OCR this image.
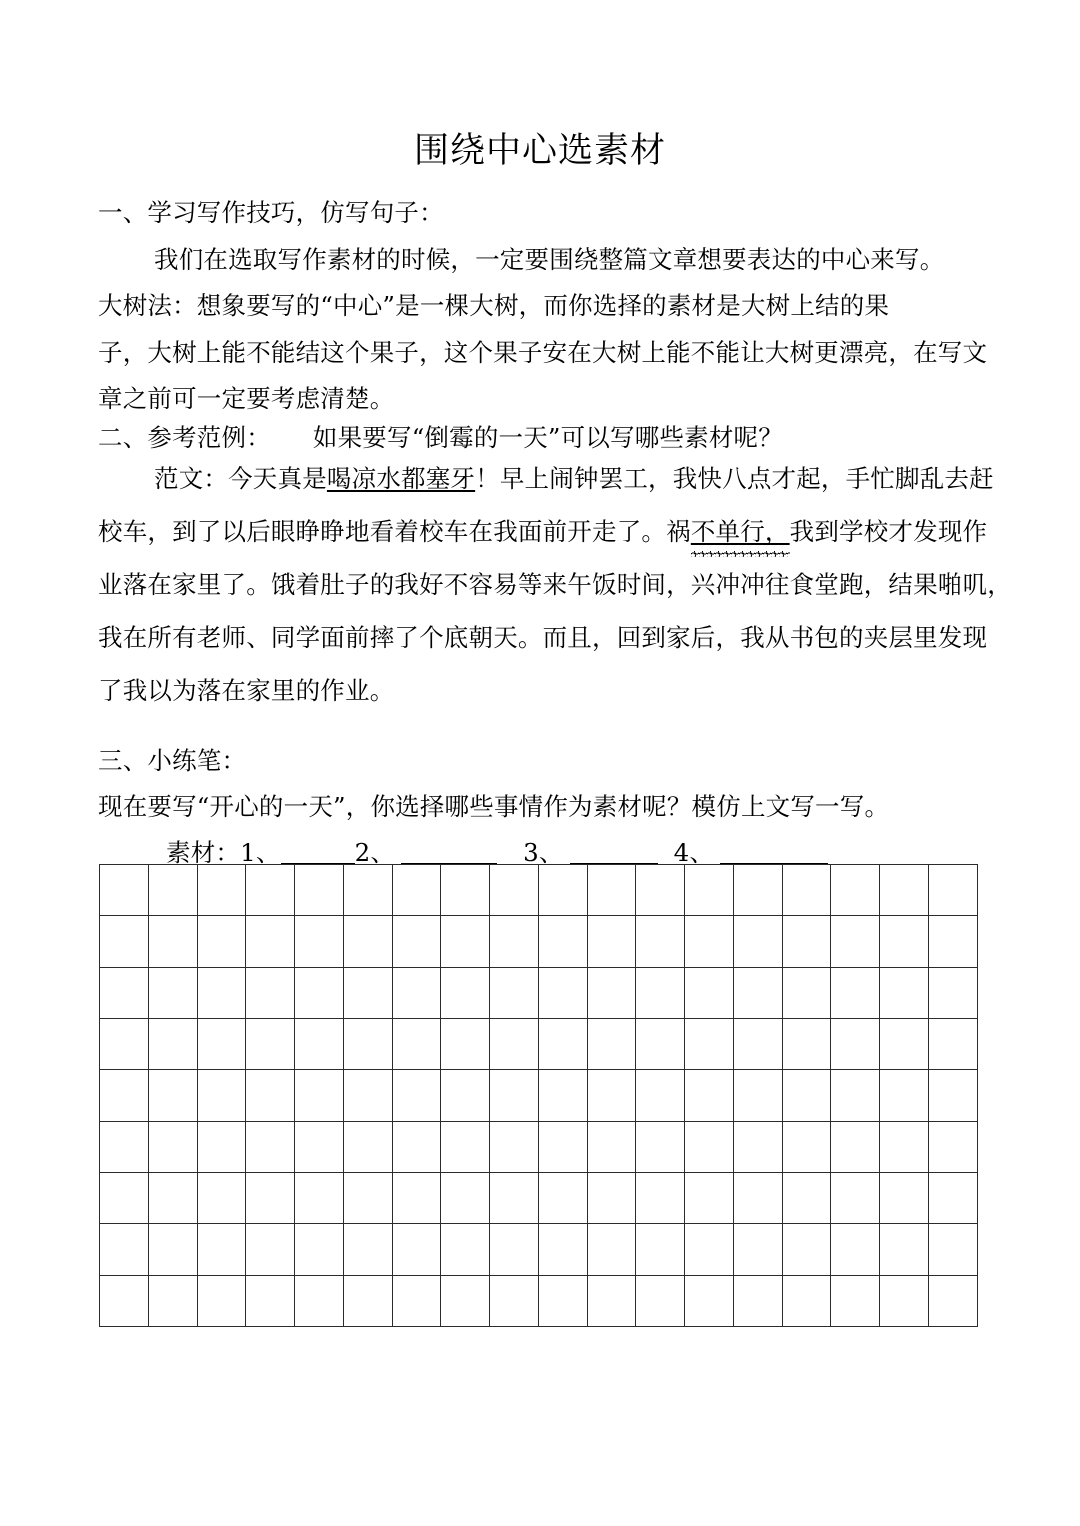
围绕中心选素材
一、学习写作技巧，仿写句子：
我们在选取写作素材的时候，一定要围绕整篇文章想要表达的中心来写。
大树法：想象要写的“中心”是一棵大树，而你选择的素材是大树上结的果
子，大树上能不能结这个果子，这个果子安在大树上能不能让大树更漂亮，在写文
章之前可一定要考虑清楚。
二、参考范例： 如果要写“倒霉的一天”可以写哪些素材呢？
范文：今天真是喝凉水都塞牙！早上闹钟罢工，我快八点才起，手忙脚乱去赶
校车，到了以后眼睁睁地看着校车在我面前开走了。祸不单行，我到学校才发现作
业落在家里了。饿着肚子的我好不容易等来午饭时间，兴冲冲往食堂跑，结果啪叽，
我在所有老师、同学面前摔了个底朝天。而且，回到家后，我从书包的夹层里发现
了我以为落在家里的作业。
三、小练笔：
现在要写“开心的一天”，你选择哪些事情作为素材呢？模仿上文写一写。
素材：1、	2、	3、	4、
